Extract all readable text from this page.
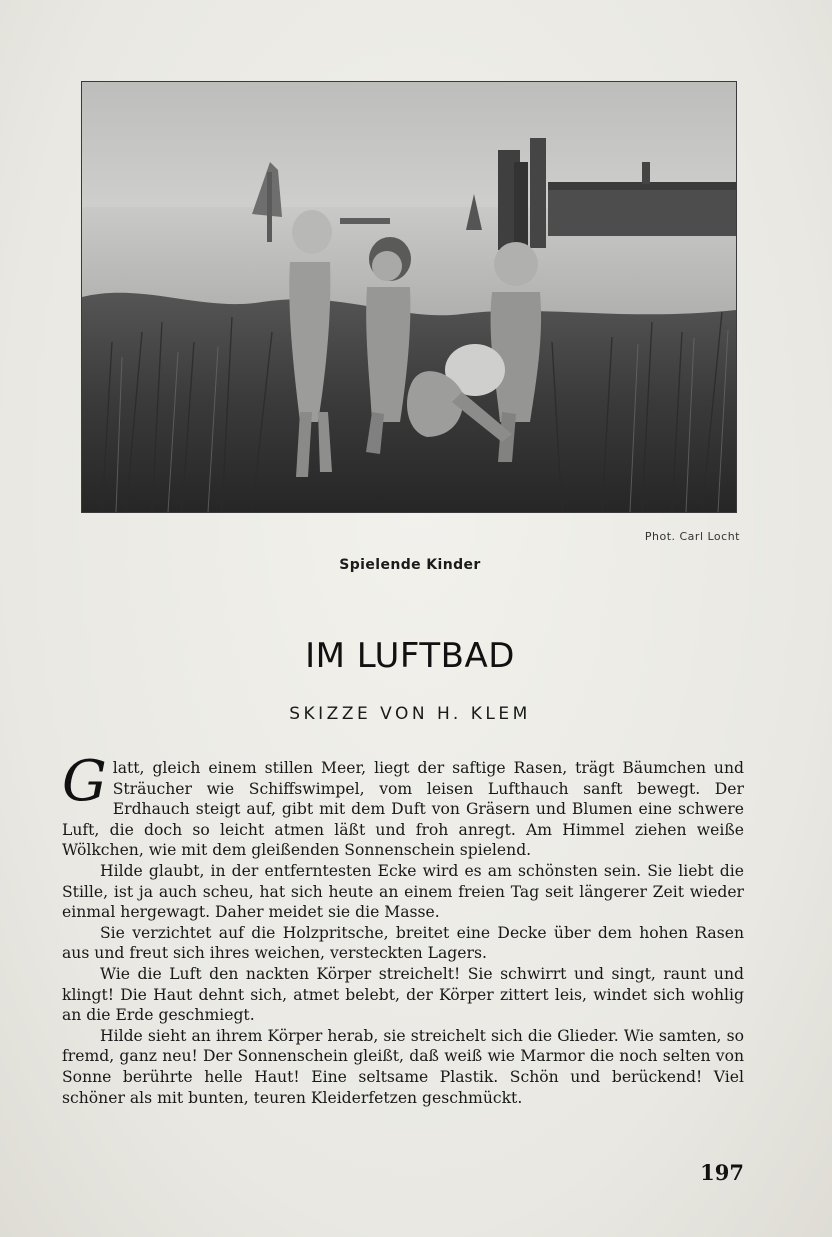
Phot. Carl Locht
Spielende Kinder
IM LUFTBAD
SKIZZE VON H. KLEM

Glatt, gleich einem stillen Meer, liegt der saftige Rasen, trägt Bäumchen und Sträucher wie Schiffswimpel, vom leisen Lufthauch sanft bewegt. Der Erdhauch steigt auf, gibt mit dem Duft von Gräsern und Blumen eine schwere Luft, die doch so leicht atmen läßt und froh anregt. Am Himmel ziehen weiße Wölkchen, wie mit dem gleißenden Sonnenschein spielend.

Hilde glaubt, in der entferntesten Ecke wird es am schönsten sein. Sie liebt die Stille, ist ja auch scheu, hat sich heute an einem freien Tag seit längerer Zeit wieder einmal hergewagt. Daher meidet sie die Masse.

Sie verzichtet auf die Holzpritsche, breitet eine Decke über dem hohen Rasen aus und freut sich ihres weichen, versteckten Lagers.

Wie die Luft den nackten Körper streichelt! Sie schwirrt und singt, raunt und klingt! Die Haut dehnt sich, atmet belebt, der Körper zittert leis, windet sich wohlig an die Erde geschmiegt.

Hilde sieht an ihrem Körper herab, sie streichelt sich die Glieder. Wie samten, so fremd, ganz neu! Der Sonnenschein gleißt, daß weiß wie Marmor die noch selten von Sonne berührte helle Haut! Eine seltsame Plastik. Schön und berückend! Viel schöner als mit bunten, teuren Kleiderfetzen geschmückt.

197
